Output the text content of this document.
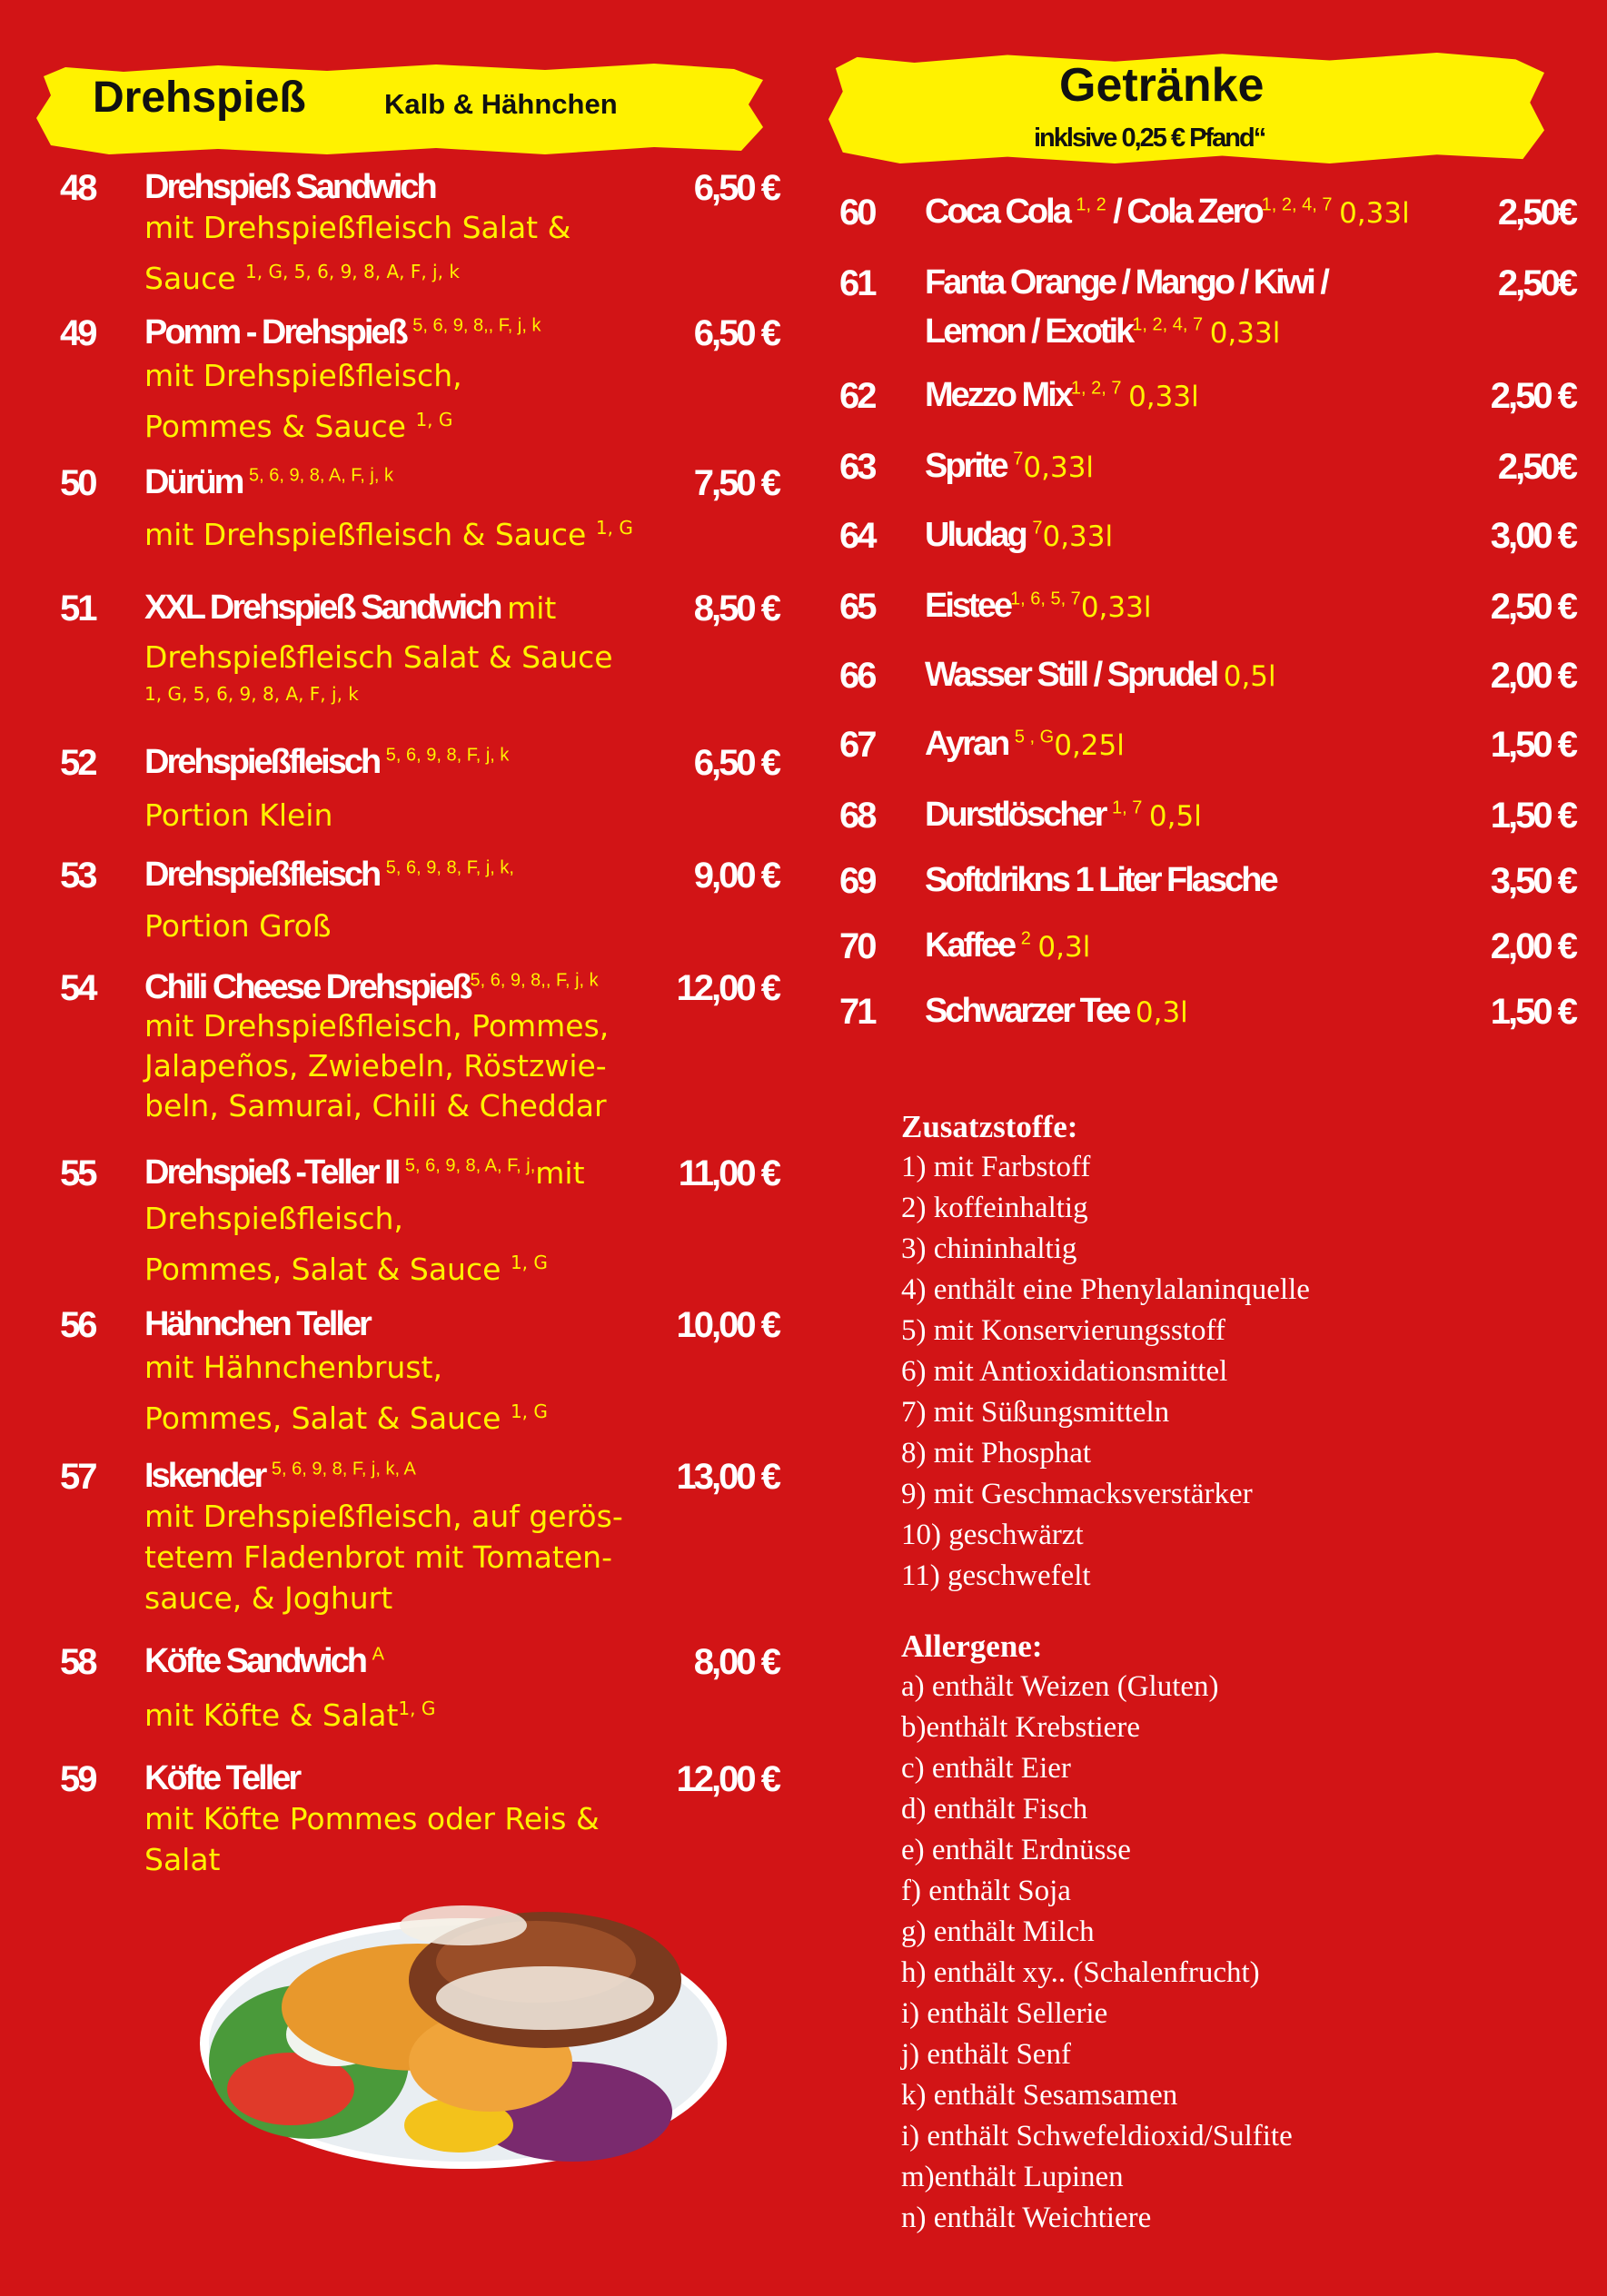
Drehspieß	Kalb & Hähnchen	Getränke
inklsive 0,25 € Pfand“
48 Drehspieß Sandwich	6,50 €
mit Drehspießfleisch Salat &
Sauce $^{1, G, 5, 6, 9, 8, A, F, j, k}$
49 Pomm - Drehspieß $^{5, 6, 9, 8,, F, j, k}$	6,50 €
mit Drehspießfleisch,
Pommes & Sauce $^{1, G}$
50 Dürüm $^{5, 6, 9, 8, A, F, j, k}$	7,50 €
mit Drehspießfleisch & Sauce $^{1, G}$
51 XXL Drehspieß Sandwich mit	8,50 €
Drehspießfleisch Salat & Sauce
1, G, 5, 6, 9, 8, A, F, j, k
52 Drehspießfleisch $^{5, 6, 9, 8, F, j, k}$	6,50 €
Portion Klein
53 Drehspießfleisch $^{5, 6, 9, 8, F, j, k,}$	9,00 €
Portion Groß
54 Chili Cheese Drehspieß$^{5, 6, 9, 8,, F, j, k}$ 12,00 €
mit Drehspießfleisch, Pommes,
Jalapeños, Zwiebeln, Röstzwie-
beln, Samurai, Chili & Cheddar
55 Drehspieß -Teller II $^{5, 6, 9, 8, A, F, j,}$mit	11,00 €
Drehspießfleisch,
Pommes, Salat & Sauce $^{1, G}$
56 Hähnchen Teller	10,00 €
mit Hähnchenbrust,
Pommes, Salat & Sauce $^{1, G}$
57 Iskender $^{5, 6, 9, 8, F, j, k, A}$	13,00 €
mit Drehspießfleisch, auf gerös-
tetem Fladenbrot mit Tomaten-
sauce, & Joghurt
58 Köfte Sandwich $^A$	8,00 €
mit Köfte & Salat$^{1, G}$
59 Köfte Teller	12,00 €
mit Köfte Pommes oder Reis &
Salat
60 Coca Cola $^{1, 2}$ / Cola Zero$^{1, 2, 4, 7}$ 0,33l 2,50€
61 Fanta Orange / Mango / Kiwi /
Lemon / Exotik$^{1, 2, 4, 7}$ 0,33l
2,50€
62 Mezzo Mix$^{1, 2, 7}$ 0,33l	2,50 €
63 Sprite $^7$0,33l	2,50€
64 Uludag $^7$0,33l	3,00 €
65 Eistee$^{1, 6, 5, 7}$0,33l	2,50 €
66 Wasser Still / Sprudel 0,5l	2,00 €
67 Ayran $^{5 , G}$0,25l	1,50 €
68 Durstlöscher $^{1, 7}$ 0,5l	1,50 €
69 Softdrikns 1 Liter Flasche	3,50 €
70 Kaffee $^2$ 0,3l	2,00 €
71 Schwarzer Tee 0,3l	1,50 €
Zusatzstoffe:
1) mit Farbstoff
2) koffeinhaltig
3) chininhaltig
4) enthält eine Phenylalaninquelle
5) mit Konservierungsstoff
6) mit Antioxidationsmittel
7) mit Süßungsmitteln
8) mit Phosphat
9) mit Geschmacksverstärker
10) geschwärzt
11) geschwefelt
Allergene:
a) enthält Weizen (Gluten)
b)enthält Krebstiere
c) enthält Eier
d) enthält Fisch
e) enthält Erdnüsse
f) enthält Soja
g) enthält Milch
h) enthält xy.. (Schalenfrucht)
i) enthält Sellerie
j) enthält Senf
k) enthält Sesamsamen
i) enthält Schwefeldioxid/Sulfite
m)enthält Lupinen
n) enthält Weichtiere
